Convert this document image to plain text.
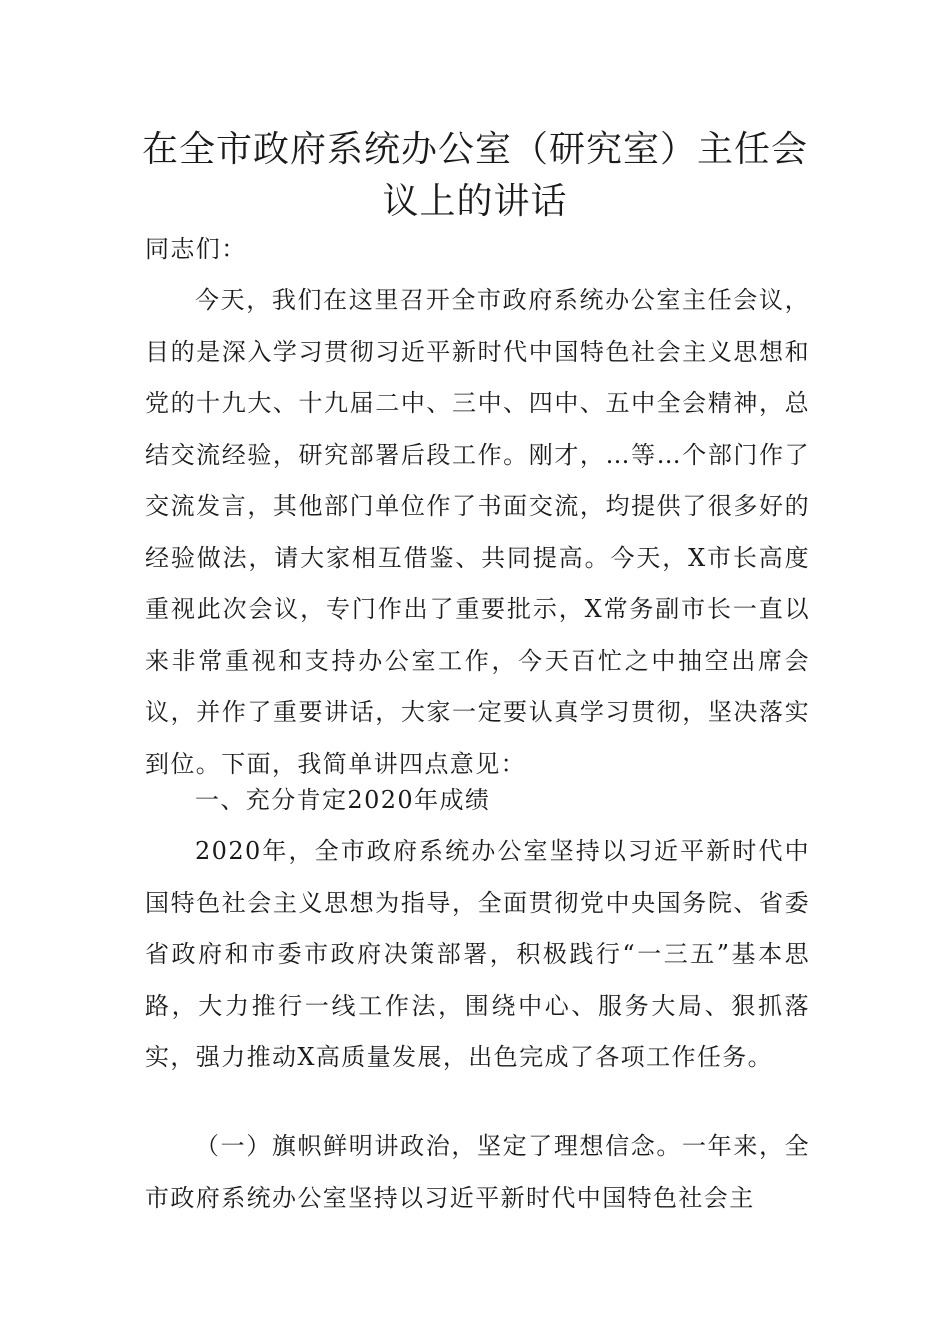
在全市政府系统办公室（研究室）主任会
议上的讲话

同志们：

今天，我们在这里召开全市政府系统办公室主任会议，目的是深入学习贯彻习近平新时代中国特色社会主义思想和党的十九大、十九届二中、三中、四中、五中全会精神，总结交流经验，研究部署后段工作。刚才，…等…个部门作了交流发言，其他部门单位作了书面交流，均提供了很多好的经验做法，请大家相互借鉴、共同提高。今天，X市长高度重视此次会议，专门作出了重要批示，X常务副市长一直以来非常重视和支持办公室工作，今天百忙之中抽空出席会议，并作了重要讲话，大家一定要认真学习贯彻，坚决落实到位。下面，我简单讲四点意见：

一、充分肯定2020年成绩

2020年，全市政府系统办公室坚持以习近平新时代中国特色社会主义思想为指导，全面贯彻党中央国务院、省委省政府和市委市政府决策部署，积极践行“一三五”基本思路，大力推行一线工作法，围绕中心、服务大局、狠抓落实，强力推动X高质量发展，出色完成了各项工作任务。

（一）旗帜鲜明讲政治，坚定了理想信念。一年来，全市政府系统办公室坚持以习近平新时代中国特色社会主
